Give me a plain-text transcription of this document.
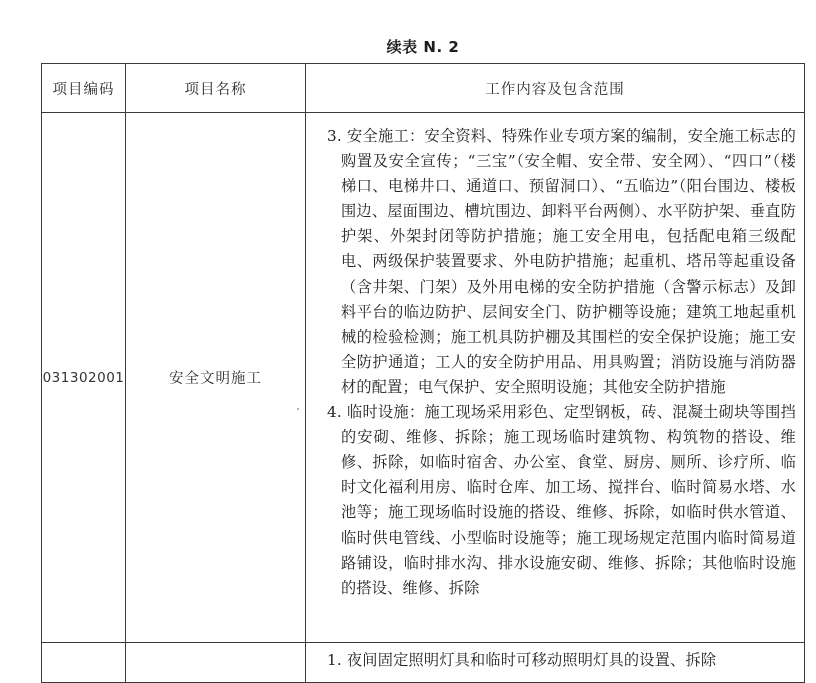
续表 N. 2
项目编码	项目名称	工作内容及包含范围
031302001	安全文明施工	3. 安全施工：安全资料、特殊作业专项方案的编制，安全施工标志的购置及安全宣传；“三宝”（安全帽、安全带、安全网）、“四口”（楼梯口、电梯井口、通道口、预留洞口）、“五临边”（阳台围边、楼板围边、屋面围边、槽坑围边、卸料平台两侧）、水平防护架、垂直防护架、外架封闭等防护措施；施工安全用电，包括配电箱三级配电、两级保护装置要求、外电防护措施；起重机、塔吊等起重设备（含井架、门架）及外用电梯的安全防护措施（含警示标志）及卸料平台的临边防护、层间安全门、防护棚等设施；建筑工地起重机械的检验检测；施工机具防护棚及其围栏的安全保护设施；施工安全防护通道；工人的安全防护用品、用具购置；消防设施与消防器材的配置；电气保护、安全照明设施；其他安全防护措施
4. 临时设施：施工现场采用彩色、定型钢板，砖、混凝土砌块等围挡的安砌、维修、拆除；施工现场临时建筑物、构筑物的搭设、维修、拆除，如临时宿舍、办公室、食堂、厨房、厕所、诊疗所、临时文化福利用房、临时仓库、加工场、搅拌台、临时简易水塔、水池等；施工现场临时设施的搭设、维修、拆除，如临时供水管道、临时供电管线、小型临时设施等；施工现场规定范围内临时简易道路铺设，临时排水沟、排水设施安砌、维修、拆除；其他临时设施的搭设、维修、拆除

		1. 夜间固定照明灯具和临时可移动照明灯具的设置、拆除
